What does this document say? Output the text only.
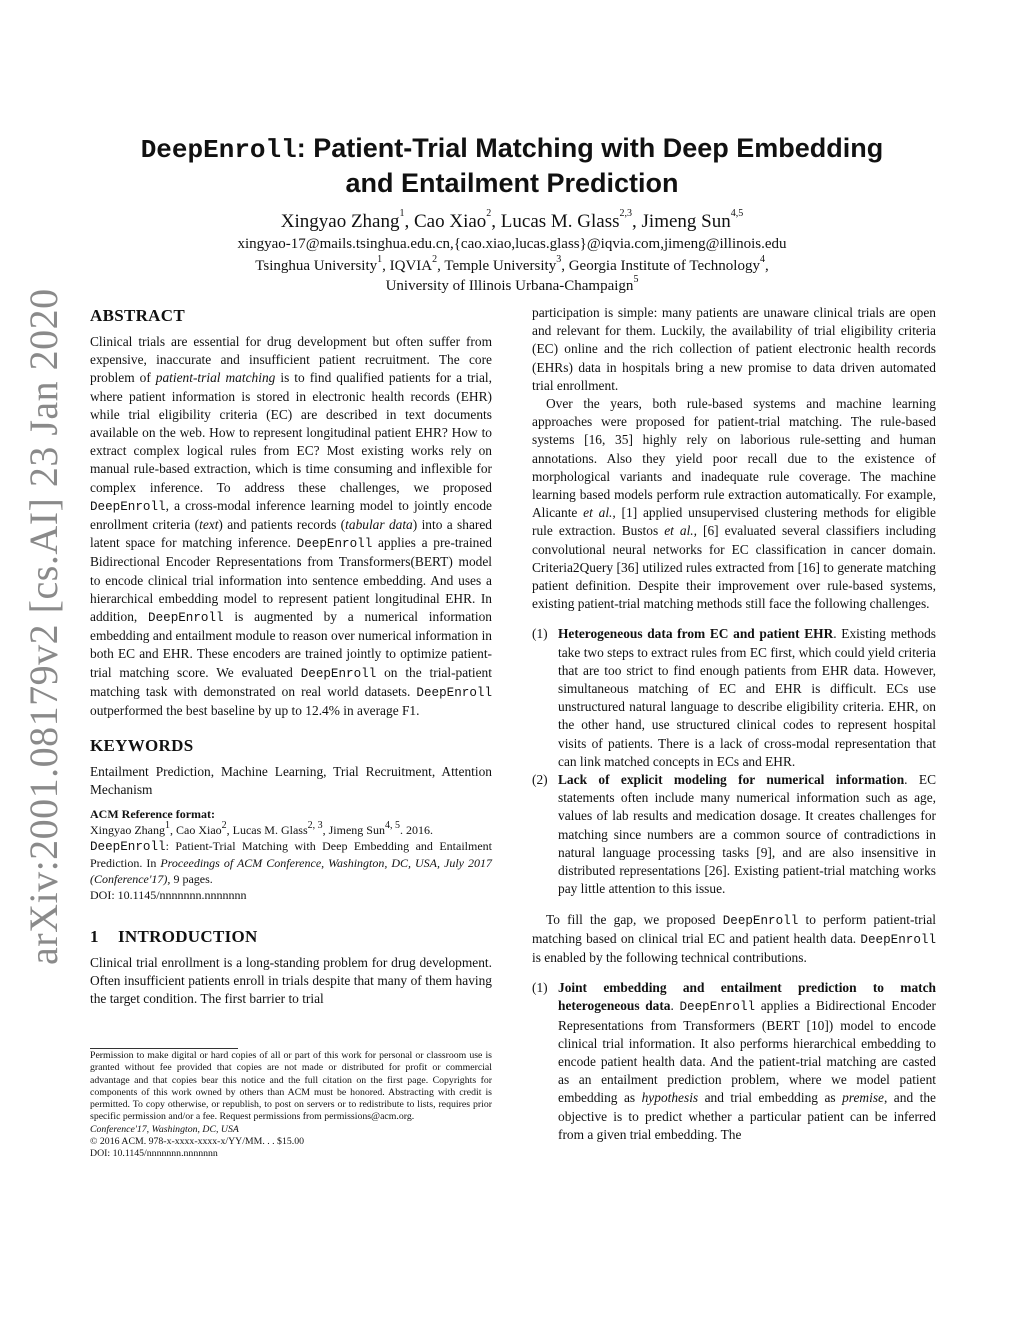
arXiv:2001.08179v2 [cs.AI] 23 Jan 2020
DeepEnroll: Patient-Trial Matching with Deep Embedding
and Entailment Prediction
Xingyao Zhang$^1$, Cao Xiao$^2$, Lucas M. Glass$^{2,3}$, Jimeng Sun$^{4,5}$
xingyao-17@mails.tsinghua.edu.cn,{cao.xiao,lucas.glass}@iqvia.com,jimeng@illinois.edu
Tsinghua University$^1$, IQVIA$^2$, Temple University$^3$, Georgia Institute of Technology$^4$,
University of Illinois Urbana-Champaign$^5$
ABSTRACT

Clinical trials are essential for drug development but often suffer from expensive, inaccurate and insufficient patient recruitment. The core problem of patient-trial matching is to find qualified patients for a trial, where patient information is stored in electronic health records (EHR) while trial eligibility criteria (EC) are described in text documents available on the web. How to represent longitudinal patient EHR? How to extract complex logical rules from EC? Most existing works rely on manual rule-based extraction, which is time consuming and inflexible for complex inference. To address these challenges, we proposed DeepEnroll, a cross-modal inference learning model to jointly encode enrollment criteria (text) and patients records (tabular data) into a shared latent space for matching inference. DeepEnroll applies a pre-trained Bidirectional Encoder Representations from Transformers(BERT) model to encode clinical trial information into sentence embedding. And uses a hierarchical embedding model to represent patient longitudinal EHR. In addition, DeepEnroll is augmented by a numerical information embedding and entailment module to reason over numerical information in both EC and EHR. These encoders are trained jointly to optimize patient-trial matching score. We evaluated DeepEnroll on the trial-patient matching task with demonstrated on real world datasets. DeepEnroll outperformed the best baseline by up to 12.4% in average F1.

KEYWORDS

Entailment Prediction, Machine Learning, Trial Recruitment, Attention Mechanism

ACM Reference format:
Xingyao Zhang$^1$, Cao Xiao$^2$, Lucas M. Glass$^{2, 3}$, Jimeng Sun$^{4, 5}$. 2016.
DeepEnroll: Patient-Trial Matching with Deep Embedding and Entailment Prediction. In Proceedings of ACM Conference, Washington, DC, USA, July 2017 (Conference'17), 9 pages.
DOI: 10.1145/nnnnnnn.nnnnnnn
1 INTRODUCTION

Clinical trial enrollment is a long-standing problem for drug development. Often insufficient patients enroll in trials despite that many of them having the target condition. The first barrier to trial

Permission to make digital or hard copies of all or part of this work for personal or classroom use is granted without fee provided that copies are not made or distributed for profit or commercial advantage and that copies bear this notice and the full citation on the first page. Copyrights for components of this work owned by others than ACM must be honored. Abstracting with credit is permitted. To copy otherwise, or republish, to post on servers or to redistribute to lists, requires prior specific permission and/or a fee. Request permissions from permissions@acm.org.

Conference'17, Washington, DC, USA

© 2016 ACM. 978-x-xxxx-xxxx-x/YY/MM. . . $15.00

DOI: 10.1145/nnnnnnn.nnnnnnn

participation is simple: many patients are unaware clinical trials are open and relevant for them. Luckily, the availability of trial eligibility criteria (EC) online and the rich collection of patient electronic health records (EHRs) data in hospitals bring a new promise to data driven automated trial enrollment.

Over the years, both rule-based systems and machine learning approaches were proposed for patient-trial matching. The rule-based systems [16, 35] highly rely on laborious rule-setting and human annotations. Also they yield poor recall due to the existence of morphological variants and inadequate rule coverage. The machine learning based models perform rule extraction automatically. For example, Alicante et al., [1] applied unsupervised clustering methods for eligible rule extraction. Bustos et al., [6] evaluated several classifiers including convolutional neural networks for EC classification in cancer domain. Criteria2Query [36] utilized rules extracted from [16] to generate matching patient definition. Despite their improvement over rule-based systems, existing patient-trial matching methods still face the following challenges.

(1) Heterogeneous data from EC and patient EHR. Existing methods take two steps to extract rules from EC first, which could yield criteria that are too strict to find enough patients from EHR data. However, simultaneous matching of EC and EHR is difficult. ECs use unstructured natural language to describe eligibility criteria. EHR, on the other hand, use structured clinical codes to represent hospital visits of patients. There is a lack of cross-modal representation that can link matched concepts in ECs and EHR.
(2) Lack of explicit modeling for numerical information. EC statements often include many numerical information such as age, values of lab results and medication dosage. It creates challenges for matching since numbers are a common source of contradictions in natural language processing tasks [9], and are also insensitive in distributed representations [26]. Existing patient-trial matching works pay little attention to this issue.

To fill the gap, we proposed DeepEnroll to perform patient-trial matching based on clinical trial EC and patient health data. DeepEnroll is enabled by the following technical contributions.

(1) Joint embedding and entailment prediction to match heterogeneous data. DeepEnroll applies a Bidirectional Encoder Representations from Transformers (BERT [10]) model to encode clinical trial information. It also performs hierarchical embedding to encode patient health data. And the patient-trial matching are casted as an entailment prediction problem, where we model patient embedding as hypothesis and trial embedding as premise, and the objective is to predict whether a particular patient can be inferred from a given trial embedding. The
